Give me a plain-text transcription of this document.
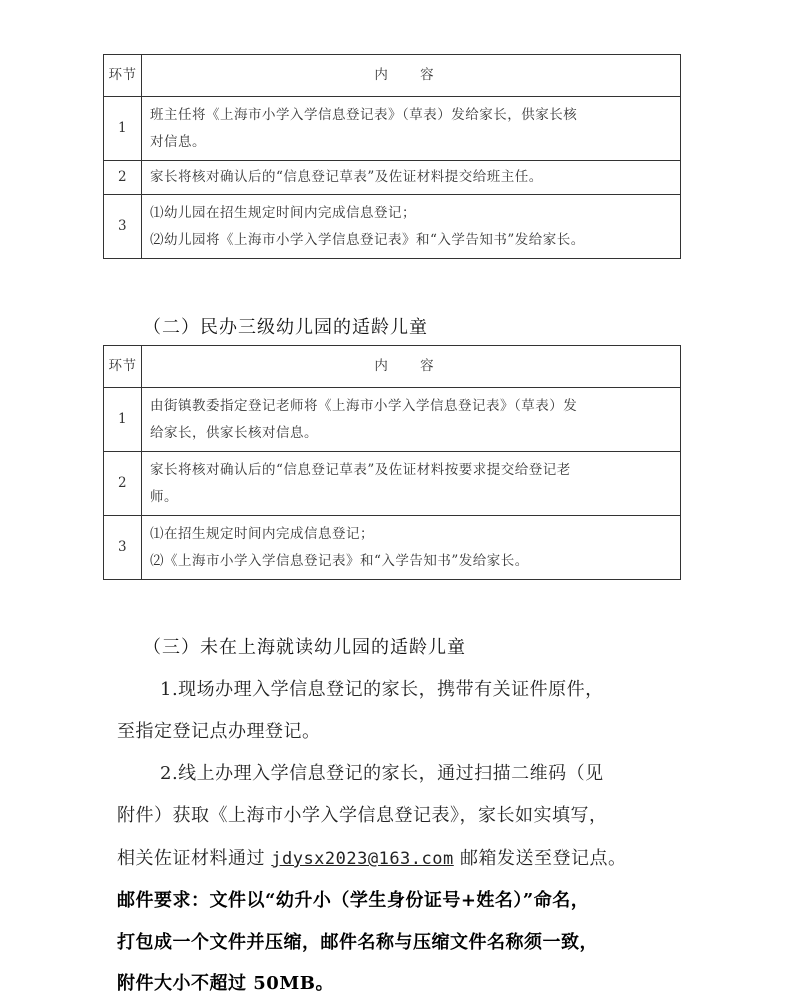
环节	内 容
1	班主任将《上海市小学入学信息登记表》（草表）发给家长，供家长核
对信息。

2	家长将核对确认后的“信息登记草表”及佐证材料提交给班主任。

3	⑴幼儿园在招生规定时间内完成信息登记；
⑵幼儿园将《上海市小学入学信息登记表》和“入学告知书”发给家长。
（二）民办三级幼儿园的适龄儿童
环节	内 容
1	由街镇教委指定登记老师将《上海市小学入学信息登记表》（草表）发
给家长，供家长核对信息。

2	家长将核对确认后的“信息登记草表”及佐证材料按要求提交给登记老
师。

3	⑴在招生规定时间内完成信息登记；
⑵《上海市小学入学信息登记表》和“入学告知书”发给家长。
（三）未在上海就读幼儿园的适龄儿童
1.现场办理入学信息登记的家长，携带有关证件原件，
至指定登记点办理登记。
2.线上办理入学信息登记的家长，通过扫描二维码（见
附件）获取《上海市小学入学信息登记表》，家长如实填写，
相关佐证材料通过 jdysx2023@163.com 邮箱发送至登记点。
邮件要求：文件以“幼升小（学生身份证号+姓名）”命名，
打包成一个文件并压缩，邮件名称与压缩文件名称须一致，
附件大小不超过 50MB。
